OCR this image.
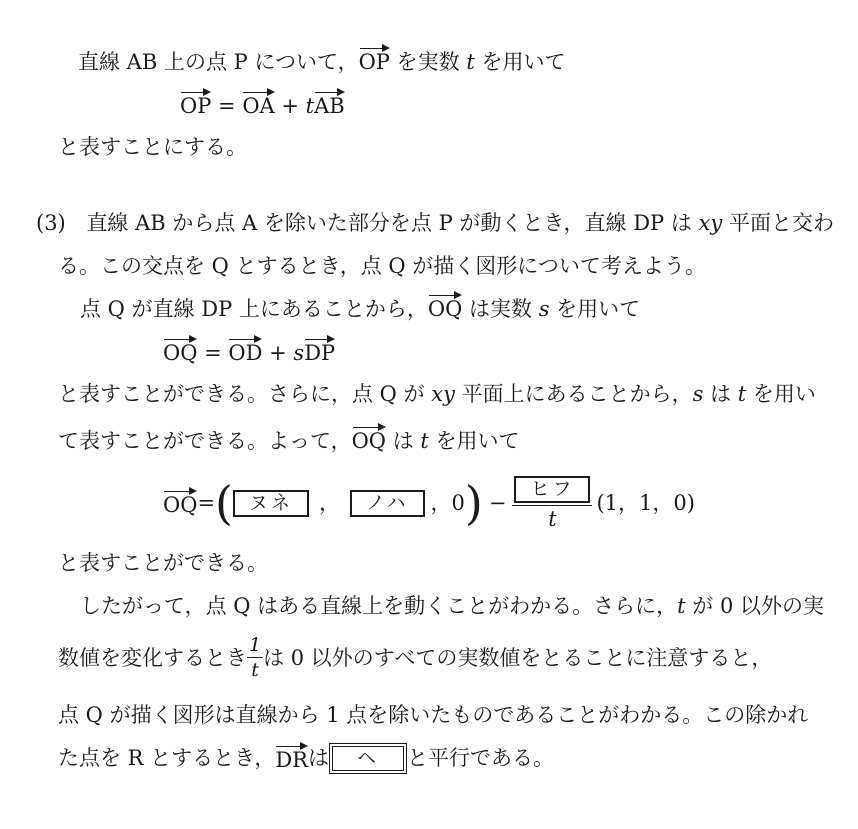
直線 AB 上の点 P について，OP を実数 t を用いて
OP = OA + tAB
と表すことにする。
(3) 直線 AB から点 A を除いた部分を点 P が動くとき，直線 DP は xy 平面と交わ
る。この交点を Q とするとき，点 Q が描く図形について考えよう。
点 Q が直線 DP 上にあることから，OQ は実数 s を用いて
OQ = OD + sDP
と表すことができる。さらに，点 Q が xy 平面上にあることから，s は t を用い
て表すことができる。よって，OQ は t を用いて
OQ = ( ヌネ	，	ノハ	，0 ) − $\frac{\text{ヒフ}}{t} (1$，1，0)
と表すことができる。
したがって，点 Q はある直線上を動くことがわかる。さらに，t が 0 以外の実
数値を変化するとき $\frac{1}{t}$ は 0 以外のすべての実数値をとることに注意すると，
点 Q が描く図形は直線から 1 点を除いたものであることがわかる。この除かれ
た点を R とするとき， DR は	ヘ	と平行である。
